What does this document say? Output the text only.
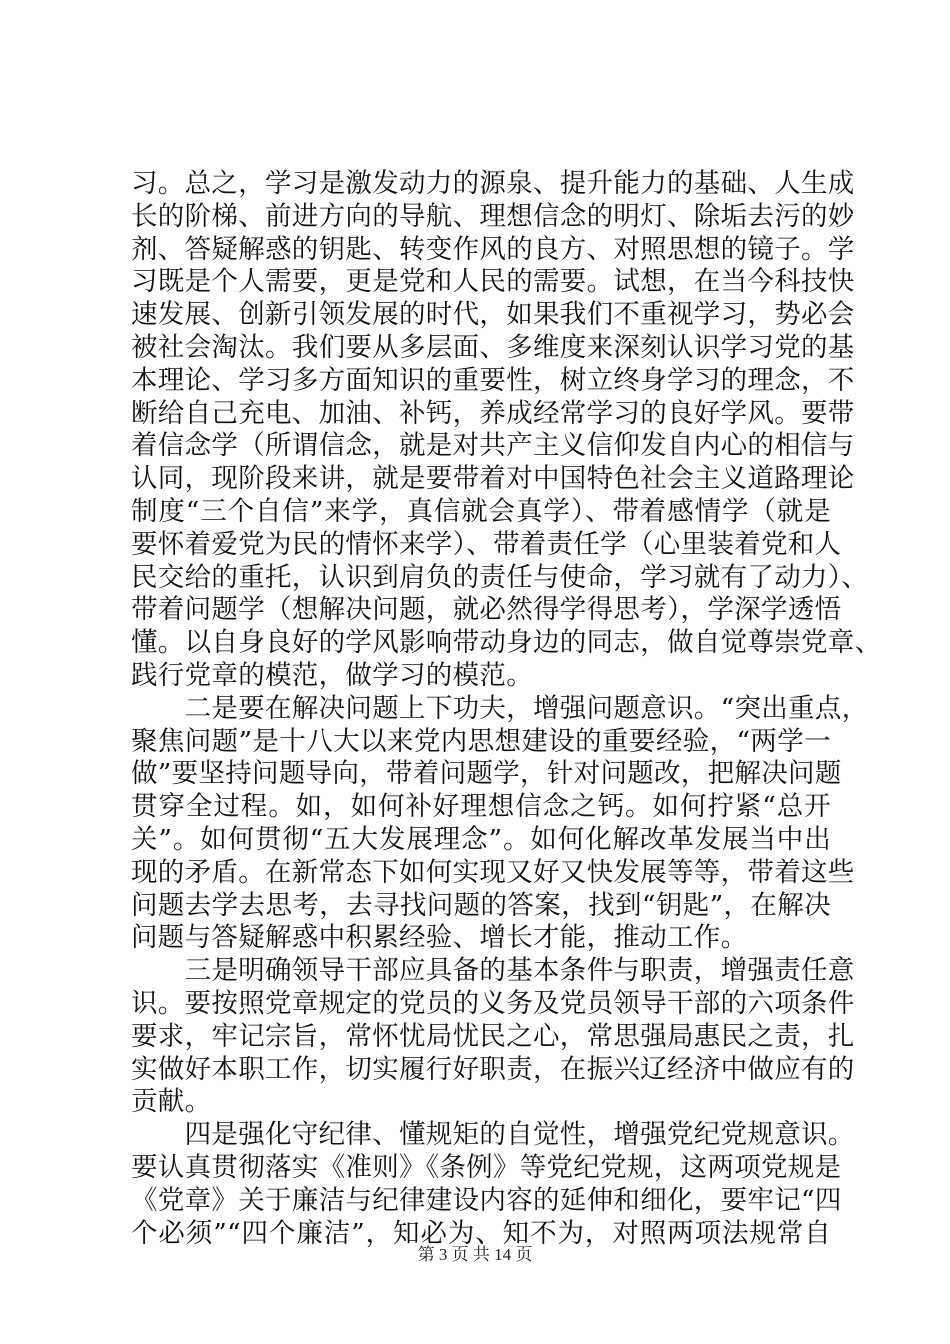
习。总之，学习是激发动力的源泉、提升能力的基础、人生成
长的阶梯、前进方向的导航、理想信念的明灯、除垢去污的妙
剂、答疑解惑的钥匙、转变作风的良方、对照思想的镜子。学
习既是个人需要，更是党和人民的需要。试想，在当今科技快
速发展、创新引领发展的时代，如果我们不重视学习，势必会
被社会淘汰。我们要从多层面、多维度来深刻认识学习党的基
本理论、学习多方面知识的重要性，树立终身学习的理念，不
断给自己充电、加油、补钙，养成经常学习的良好学风。要带
着信念学（所谓信念，就是对共产主义信仰发自内心的相信与
认同，现阶段来讲，就是要带着对中国特色社会主义道路理论
制度“三个自信”来学，真信就会真学）、带着感情学（就是
要怀着爱党为民的情怀来学）、带着责任学（心里装着党和人
民交给的重托，认识到肩负的责任与使命，学习就有了动力）、
带着问题学（想解决问题，就必然得学得思考），学深学透悟
懂。以自身良好的学风影响带动身边的同志，做自觉尊崇党章、
践行党章的模范，做学习的模范。
　　二是要在解决问题上下功夫，增强问题意识。“突出重点，
聚焦问题”是十八大以来党内思想建设的重要经验，“两学一
做”要坚持问题导向，带着问题学，针对问题改，把解决问题
贯穿全过程。如，如何补好理想信念之钙。如何拧紧“总开
关”。如何贯彻“五大发展理念”。如何化解改革发展当中出
现的矛盾。在新常态下如何实现又好又快发展等等，带着这些
问题去学去思考，去寻找问题的答案，找到“钥匙”，在解决
问题与答疑解惑中积累经验、增长才能，推动工作。
　　三是明确领导干部应具备的基本条件与职责，增强责任意
识。要按照党章规定的党员的义务及党员领导干部的六项条件
要求，牢记宗旨，常怀忧局忧民之心，常思强局惠民之责，扎
实做好本职工作，切实履行好职责，在振兴辽经济中做应有的
贡献。
　　四是强化守纪律、懂规矩的自觉性，增强党纪党规意识。
要认真贯彻落实《准则》《条例》等党纪党规，这两项党规是
《党章》关于廉洁与纪律建设内容的延伸和细化，要牢记“四
个必须”“四个廉洁”，知必为、知不为，对照两项法规常自
第 3 页 共 14 页
